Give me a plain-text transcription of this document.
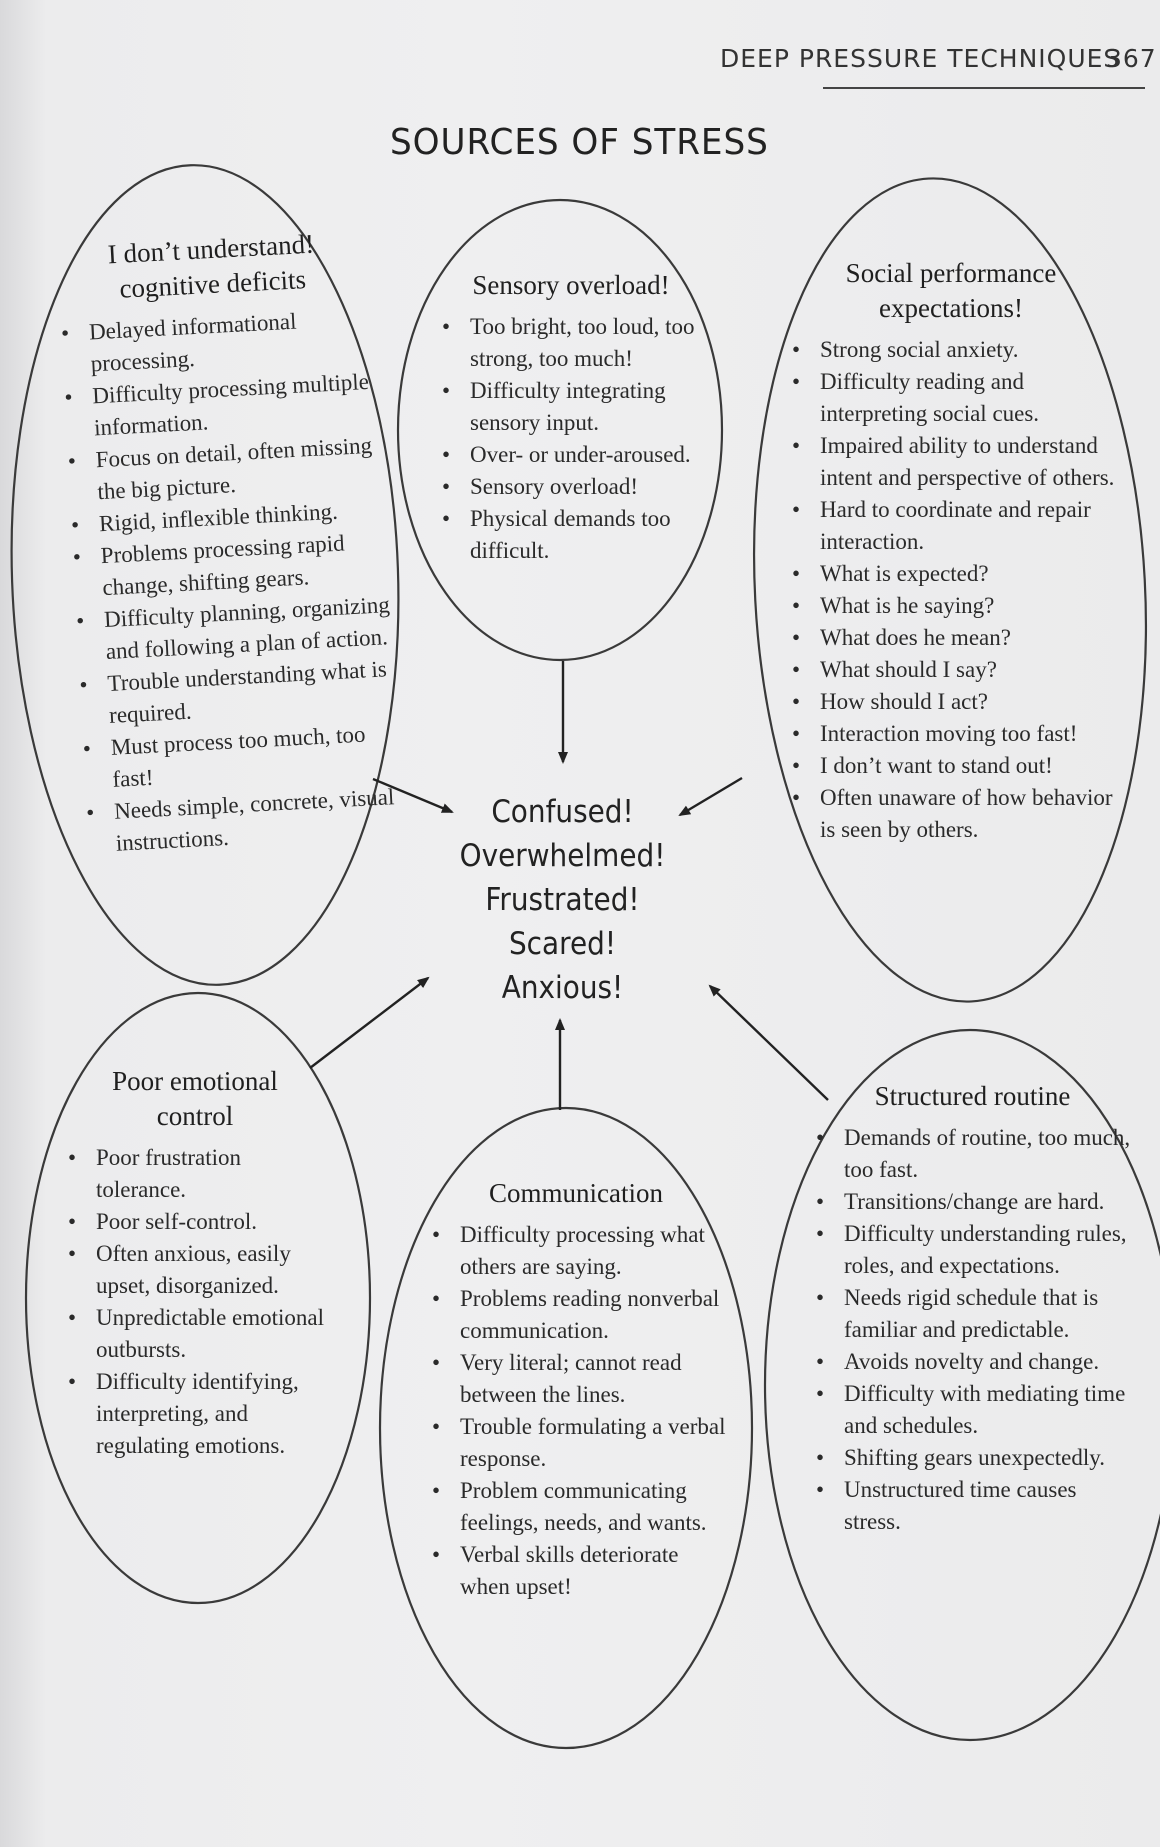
DEEP PRESSURE TECHNIQUES
367
SOURCES OF STRESS
I don’t understand!
cognitive deficits
• Delayed informational processing.
• Difficulty processing multiple information.
• Focus on detail, often missing the big picture.
• Rigid, inflexible thinking.
• Problems processing rapid change, shifting gears.
• Difficulty planning, organizing and following a plan of action.
• Trouble understanding what is required.
• Must process too much, too fast!
• Needs simple, concrete, visual instructions.
Sensory overload!
• Too bright, too loud, too strong, too much!
• Difficulty integrating sensory input.
• Over- or under-aroused.
• Sensory overload!
• Physical demands too difficult.
Social performance
expectations!
• Strong social anxiety.
• Difficulty reading and interpreting social cues.
• Impaired ability to understand intent and perspective of others.
• Hard to coordinate and repair interaction.
• What is expected?
• What is he saying?
• What does he mean?
• What should I say?
• How should I act?
• Interaction moving too fast!
• I don’t want to stand out!
• Often unaware of how behavior is seen by others.
Confused!
Overwhelmed!
Frustrated!
Scared!
Anxious!
Poor emotional
control
• Poor frustration tolerance.
• Poor self-control.
• Often anxious, easily upset, disorganized.
• Unpredictable emotional outbursts.
• Difficulty identifying, interpreting, and regulating emotions.
Communication
• Difficulty processing what others are saying.
• Problems reading nonverbal communication.
• Very literal; cannot read between the lines.
• Trouble formulating a verbal response.
• Problem communicating feelings, needs, and wants.
• Verbal skills deteriorate when upset!
Structured routine
• Demands of routine, too much, too fast.
• Transitions/change are hard.
• Difficulty understanding rules, roles, and expectations.
• Needs rigid schedule that is familiar and predictable.
• Avoids novelty and change.
• Difficulty with mediating time and schedules.
• Shifting gears unexpectedly.
• Unstructured time causes stress.
